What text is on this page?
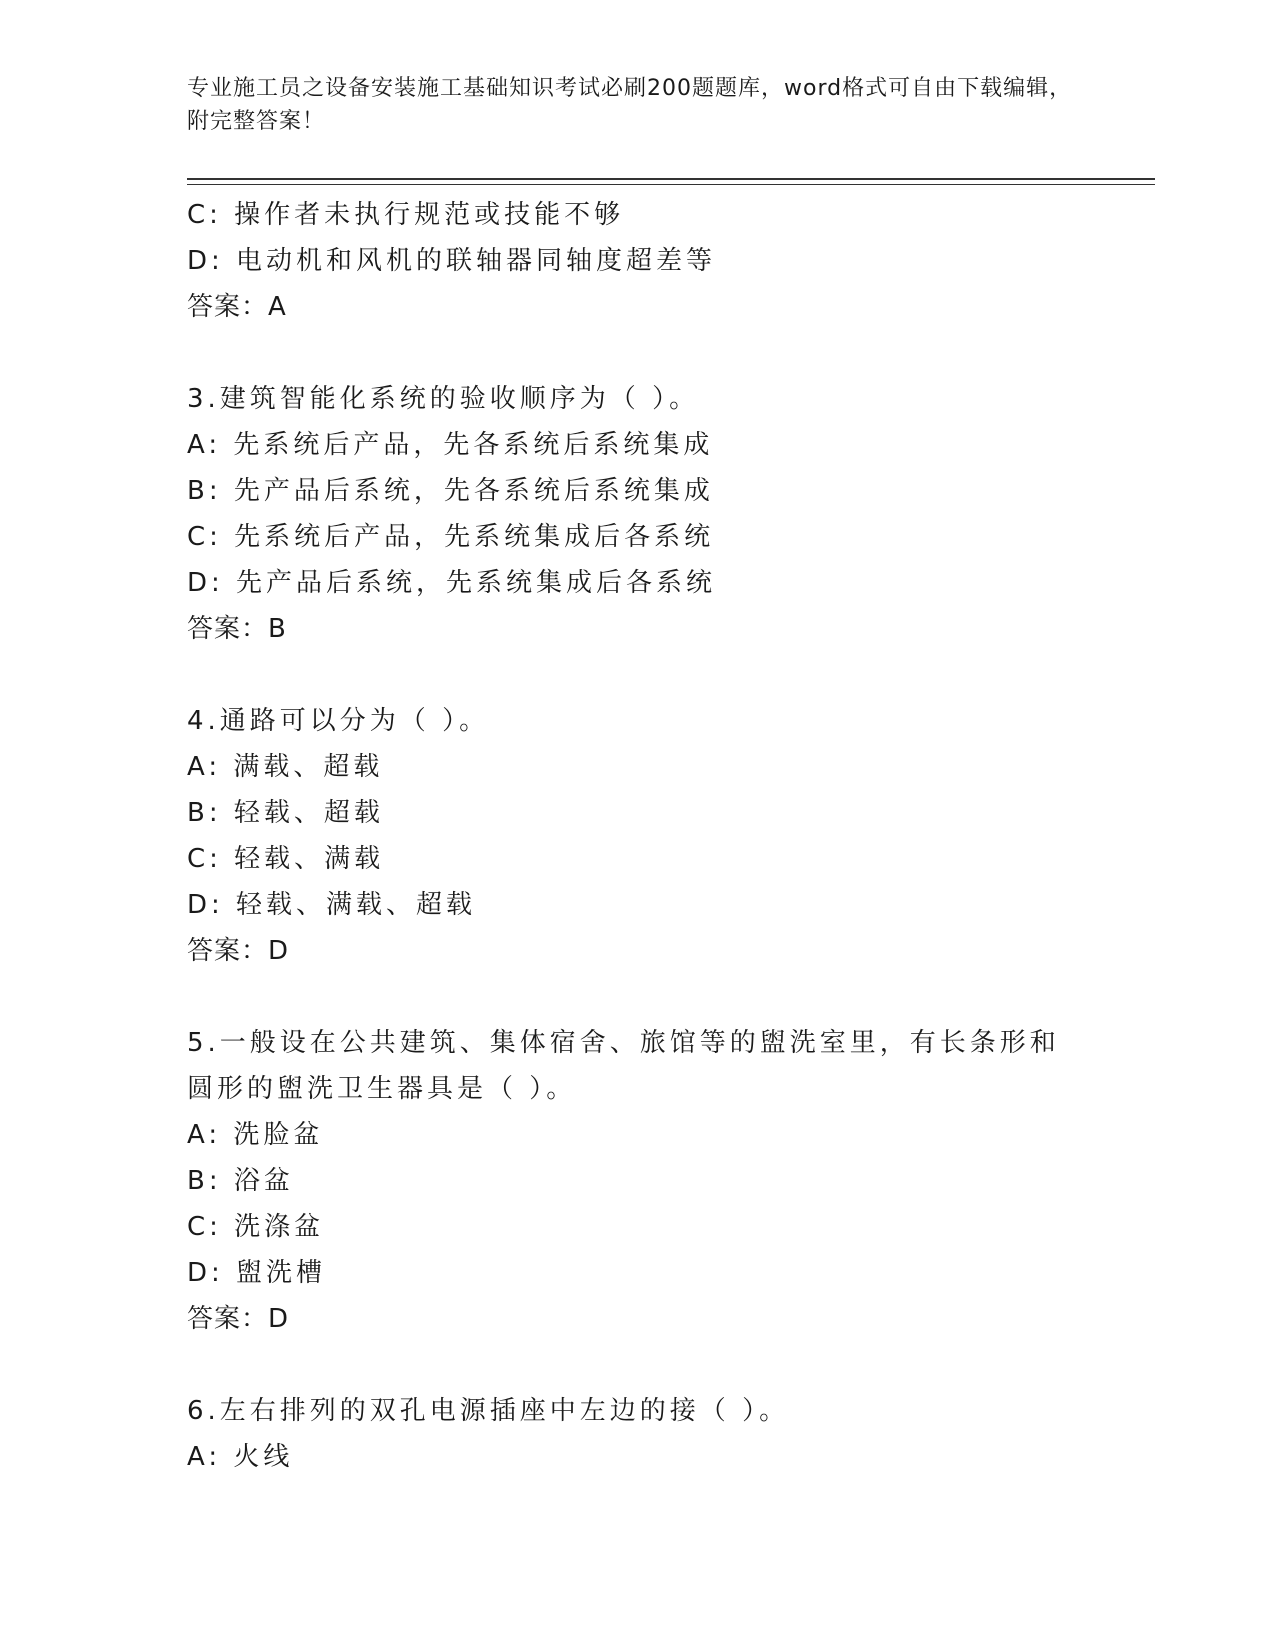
专业施工员之设备安装施工基础知识考试必刷200题题库，word格式可自由下载编辑，附完整答案！
C: 操作者未执行规范或技能不够
D: 电动机和风机的联轴器同轴度超差等
答案：A
3.建筑智能化系统的验收顺序为（ ）。
A: 先系统后产品，先各系统后系统集成
B: 先产品后系统，先各系统后系统集成
C: 先系统后产品，先系统集成后各系统
D: 先产品后系统，先系统集成后各系统
答案：B
4.通路可以分为（ ）。
A: 满载、超载
B: 轻载、超载
C: 轻载、满载
D: 轻载、满载、超载
答案：D
5.一般设在公共建筑、集体宿舍、旅馆等的盥洗室里，有长条形和圆形的盥洗卫生器具是（ ）。
A: 洗脸盆
B: 浴盆
C: 洗涤盆
D: 盥洗槽
答案：D
6.左右排列的双孔电源插座中左边的接（ ）。
A: 火线
